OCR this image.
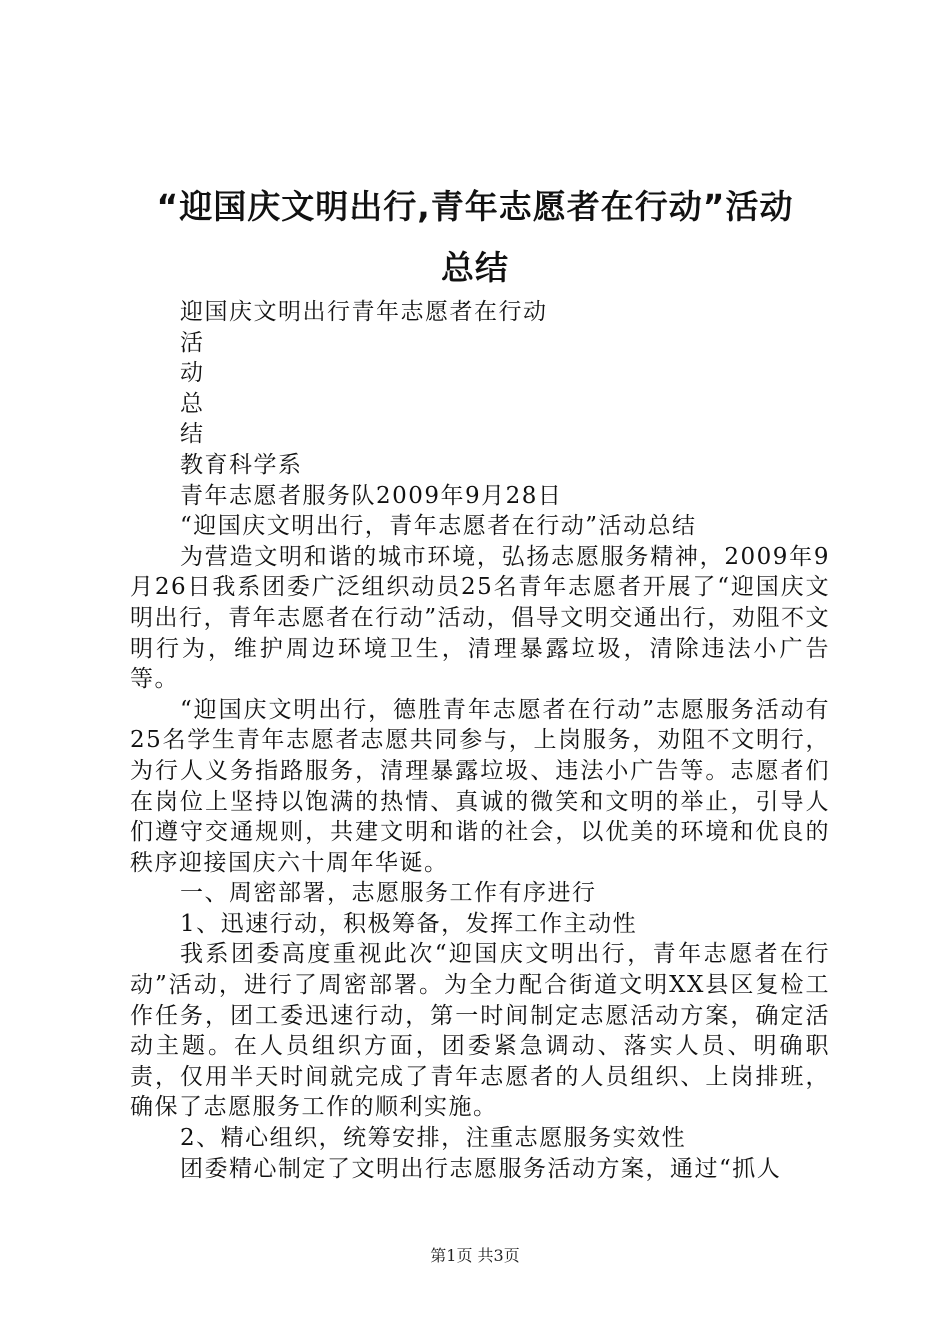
“迎国庆文明出行,青年志愿者在行动”活动
总结
迎国庆文明出行青年志愿者在行动
活
动
总
结
教育科学系
青年志愿者服务队2009年9月28日
“迎国庆文明出行，青年志愿者在行动”活动总结

为营造文明和谐的城市环境，弘扬志愿服务精神，2009年9月26日我系团委广泛组织动员25名青年志愿者开展了“迎国庆文明出行，青年志愿者在行动”活动，倡导文明交通出行，劝阻不文明行为，维护周边环境卫生，清理暴露垃圾，清除违法小广告等。

“迎国庆文明出行，德胜青年志愿者在行动”志愿服务活动有25名学生青年志愿者志愿共同参与，上岗服务，劝阻不文明行，为行人义务指路服务，清理暴露垃圾、违法小广告等。志愿者们在岗位上坚持以饱满的热情、真诚的微笑和文明的举止，引导人们遵守交通规则，共建文明和谐的社会，以优美的环境和优良的秩序迎接国庆六十周年华诞。

一、周密部署，志愿服务工作有序进行
1、迅速行动，积极筹备，发挥工作主动性

我系团委高度重视此次“迎国庆文明出行，青年志愿者在行动”活动，进行了周密部署。为全力配合街道文明XX县区复检工作任务，团工委迅速行动，第一时间制定志愿活动方案，确定活动主题。在人员组织方面，团委紧急调动、落实人员、明确职责，仅用半天时间就完成了青年志愿者的人员组织、上岗排班，确保了志愿服务工作的顺利实施。

2、精心组织，统筹安排，注重志愿服务实效性

团委精心制定了文明出行志愿服务活动方案，通过“抓人

第1页 共3页
